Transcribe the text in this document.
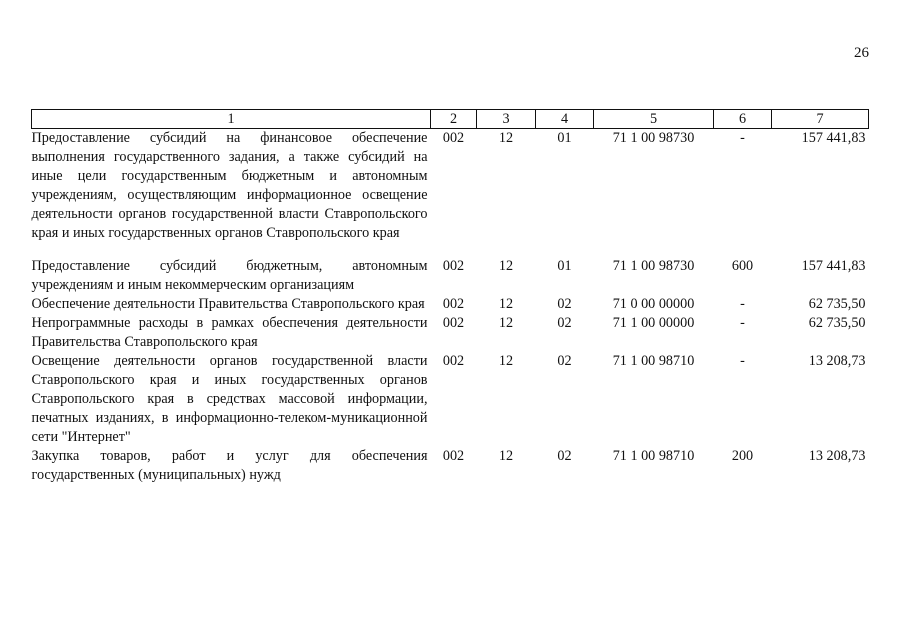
26
1	2	3	4	5	6	7
Предоставление субсидий на финансовое обеспечение выполнения государственного задания, а также субсидий на иные цели государственным бюджетным и автономным учреждениям, осуществляющим информационное освещение деятельности органов государственной власти Ставропольского края и иных государственных органов Ставропольского края	002	12	01	71 1 00 98730	-	157 441,83
Предоставление субсидий бюджетным, автономным учреждениям и иным некоммерческим организациям	002	12	01	71 1 00 98730	600	157 441,83
Обеспечение деятельности Правительства Ставропольского края	002	12	02	71 0 00 00000	-	62 735,50
Непрограммные расходы в рамках обеспечения деятельности Правительства Ставропольского края	002	12	02	71 1 00 00000	-	62 735,50
Освещение деятельности органов государственной власти Ставропольского края и иных государственных органов Ставропольского края в средствах массовой информации, печатных изданиях, в информационно-телеком-муникационной сети "Интернет"	002	12	02	71 1 00 98710	-	13 208,73
Закупка товаров, работ и услуг для обеспечения государственных (муниципальных) нужд	002	12	02	71 1 00 98710	200	13 208,73
